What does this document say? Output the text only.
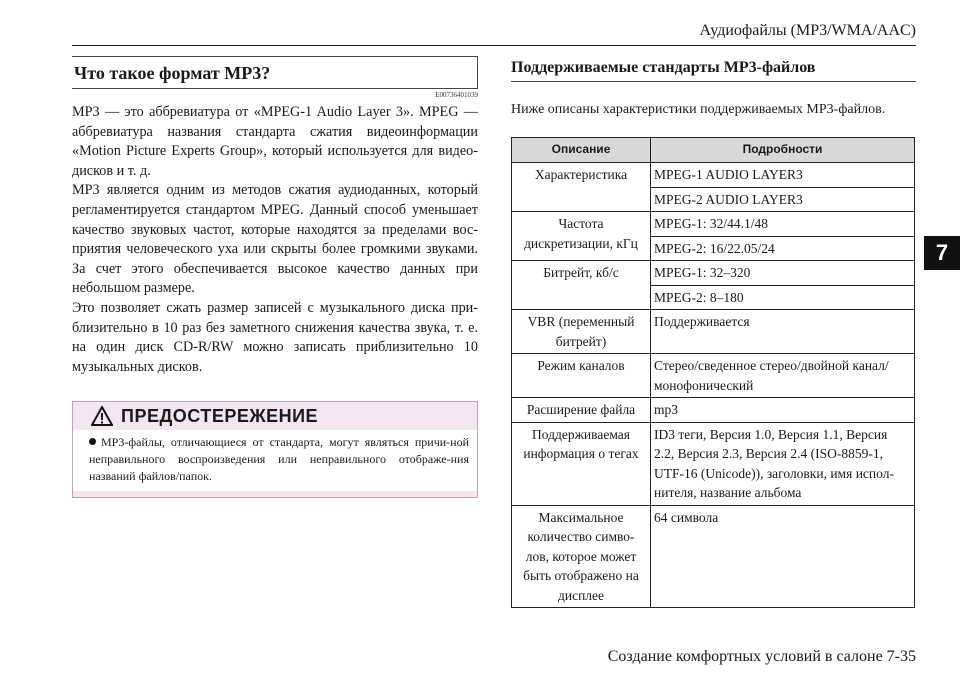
Аудиофайлы (MP3/WMA/AAC)
7
Что такое формат MP3?
E00736401039

MP3 — это аббревиатура от «MPEG-1 Audio Layer 3». MPEG — аббревиатура названия стандарта сжатия видеоинформации «Motion Picture Experts Group», который используется для видео-дисков и т. д.

MP3 является одним из методов сжатия аудиоданных, который регламентируется стандартом MPEG. Данный способ уменьшает качество звуковых частот, которые находятся за пределами вос-приятия человеческого уха или скрыты более громкими звуками. За счет этого обеспечивается высокое качество данных при небольшом размере.

Это позволяет сжать размер записей с музыкального диска при-близительно в 10 раз без заметного снижения качества звука, т. е. на один диск CD-R/RW можно записать приблизительно 10 музыкальных дисков.

ПРЕДОСТЕРЕЖЕНИЕ
MP3-файлы, отличающиеся от стандарта, могут являться причи-ной неправильного воспроизведения или неправильного отображе-ния названий файлов/папок.
Поддерживаемые стандарты MP3-файлов
Ниже описаны характеристики поддерживаемых MP3-файлов.
Описание	Подробности
Характеристика	MPEG-1 AUDIO LAYER3
	MPEG-2 AUDIO LAYER3
Частота дискретизации, кГц	MPEG-1: 32/44.1/48
	MPEG-2: 16/22.05/24
Битрейт, кб/с	MPEG-1: 32–320
	MPEG-2: 8–180
VBR (переменный битрейт)	Поддерживается
Режим каналов	Стерео/сведенное стерео/двойной канал/ монофонический
Расширение файла	mp3
Поддерживаемая информация о тегах	ID3 теги, Версия 1.0, Версия 1.1, Версия 2.2, Версия 2.3, Версия 2.4 (ISO-8859-1, UTF-16 (Unicode)), заголовки, имя испол-нителя, название альбома
Максимальное количество симво-лов, которое может быть отображено на дисплее	64 символа
Создание комфортных условий в салоне 7-35
